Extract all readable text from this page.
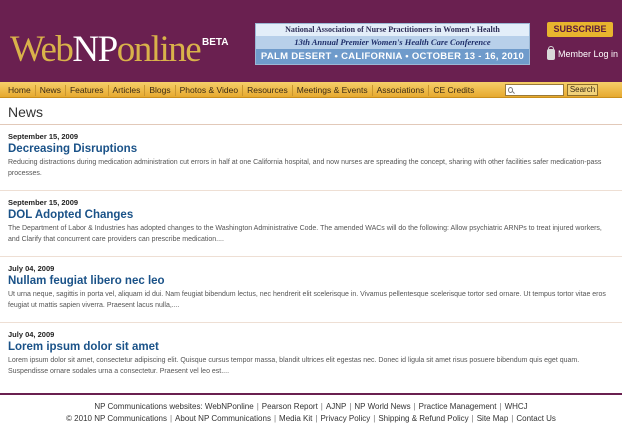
WebNPonline BETA
National Association of Nurse Practitioners in Women's Health
13th Annual Premier Women's Health Care Conference
PALM DESERT • CALIFORNIA • OCTOBER 13 - 16, 2010
SUBSCRIBE
Member Log in
Home	News	Features	Articles	Blogs	Photos & Video	Resources	Meetings & Events	Associations	CE Credits	Search
News
September 15, 2009
Decreasing Disruptions
Reducing distractions during medication administration cut errors in half at one California hospital, and now nurses are spreading the concept, sharing with other facilities safer medication-pass processes.
September 15, 2009
DOL Adopted Changes
The Department of Labor & Industries has adopted changes to the Washington Administrative Code. The amended WACs will do the following: Allow psychiatric ARNPs to treat injured workers, and Clarify that concurrent care providers can prescribe medication....
July 04, 2009
Nullam feugiat libero nec leo
Ut urna neque, sagittis in porta vel, aliquam id dui. Nam feugiat bibendum lectus, nec hendrerit elit scelerisque in. Vivamus pellentesque scelerisque tortor sed ornare. Ut tempus tortor vitae eros feugiat ut mattis sapien viverra. Praesent lacus nulla,....
July 04, 2009
Lorem ipsum dolor sit amet
Lorem ipsum dolor sit amet, consectetur adipiscing elit. Quisque cursus tempor massa, blandit ultrices elit egestas nec. Donec id ligula sit amet risus posuere bibendum quis eget quam. Suspendisse ornare sodales urna a consectetur. Praesent vel leo est....
NP Communications websites: WebNPonline | Pearson Report | AJNP | NP World News | Practice Management | WHCJ
© 2010 NP Communications | About NP Communications | Media Kit | Privacy Policy | Shipping & Refund Policy | Site Map | Contact Us
